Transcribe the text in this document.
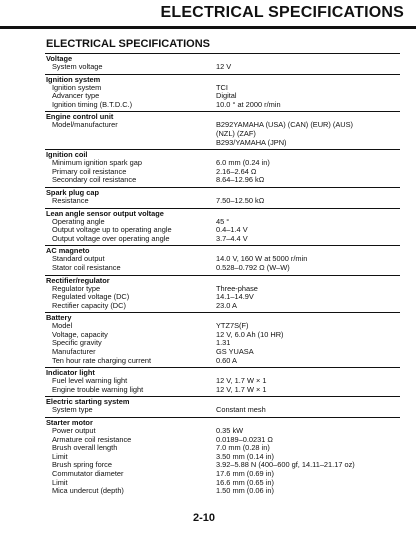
ELECTRICAL SPECIFICATIONS
ELECTRICAL SPECIFICATIONS
Voltage
System voltage	12 V
Ignition system
Ignition system	TCI
Advancer type	Digital
Ignition timing (B.T.D.C.)	10.0 ° at 2000 r/min
Engine control unit
Model/manufacturer	B292YAMAHA (USA) (CAN) (EUR) (AUS)
(NZL) (ZAF)
B293/YAMAHA (JPN)
Ignition coil
Minimum ignition spark gap	6.0 mm (0.24 in)
Primary coil resistance	2.16–2.64 Ω
Secondary coil resistance	8.64–12.96 kΩ
Spark plug cap
Resistance	7.50–12.50 kΩ
Lean angle sensor output voltage
Operating angle	45 °
Output voltage up to operating angle	0.4–1.4 V
Output voltage over operating angle	3.7–4.4 V
AC magneto
Standard output	14.0 V, 160 W at 5000 r/min
Stator coil resistance	0.528–0.792 Ω (W–W)
Rectifier/regulator
Regulator type	Three-phase
Regulated voltage (DC)	14.1–14.9V
Rectifier capacity (DC)	23.0 A
Battery
Model	YTZ7S(F)
Voltage, capacity	12 V, 6.0 Ah (10 HR)
Specific gravity	1.31
Manufacturer	GS YUASA
Ten hour rate charging current	0.60 A
Indicator light
Fuel level warning light	12 V, 1.7 W × 1
Engine trouble warning light	12 V, 1.7 W × 1
Electric starting system
System type	Constant mesh
Starter motor
Power output	0.35 kW
Armature coil resistance	0.0189–0.0231 Ω
Brush overall length	7.0 mm (0.28 in)
Limit	3.50 mm (0.14 in)
Brush spring force	3.92–5.88 N (400–600 gf, 14.11–21.17 oz)
Commutator diameter	17.6 mm (0.69 in)
Limit	16.6 mm (0.65 in)
Mica undercut (depth)	1.50 mm (0.06 in)
2-10
